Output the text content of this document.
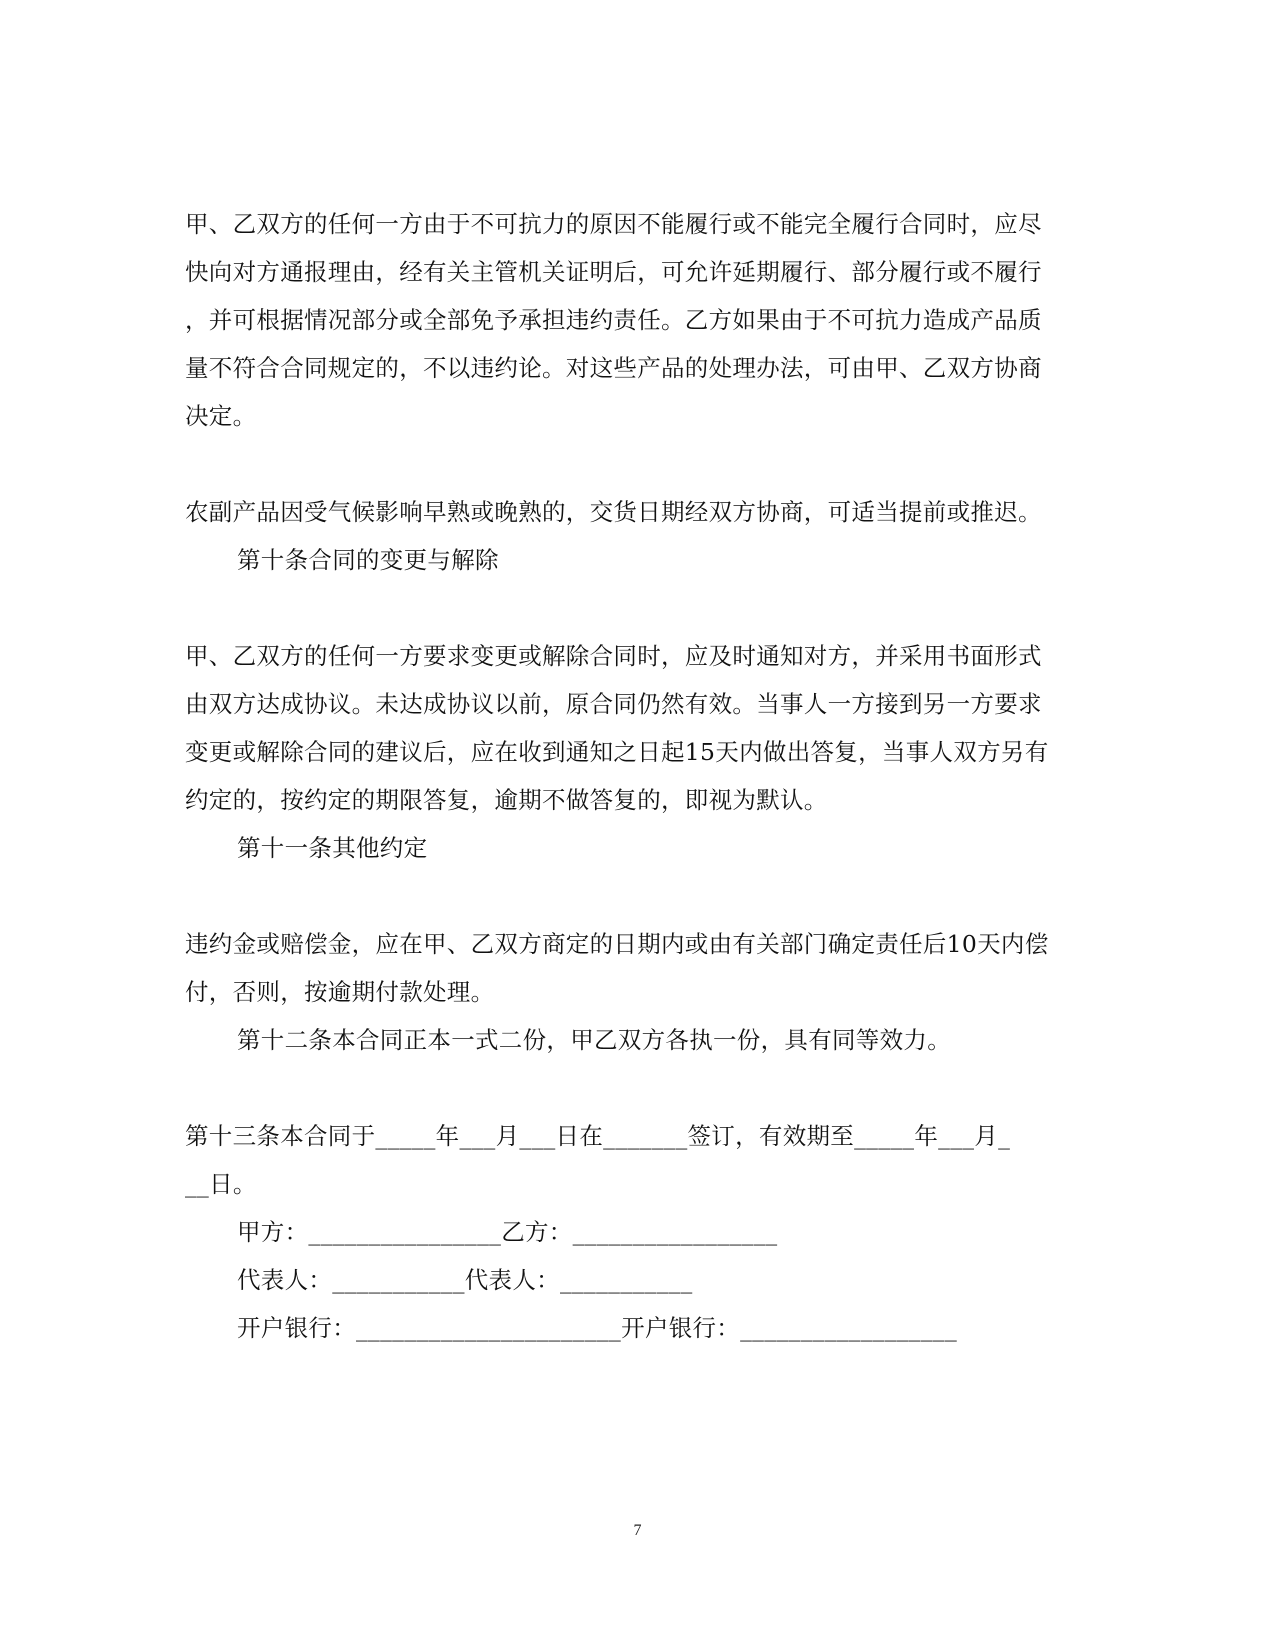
甲、乙双方的任何一方由于不可抗力的原因不能履行或不能完全履行合同时，应尽
快向对方通报理由，经有关主管机关证明后，可允许延期履行、部分履行或不履行
，并可根据情况部分或全部免予承担违约责任。乙方如果由于不可抗力造成产品质
量不符合合同规定的，不以违约论。对这些产品的处理办法，可由甲、乙双方协商
决定。
农副产品因受气候影响早熟或晚熟的，交货日期经双方协商，可适当提前或推迟。
第十条合同的变更与解除
甲、乙双方的任何一方要求变更或解除合同时，应及时通知对方，并采用书面形式
由双方达成协议。未达成协议以前，原合同仍然有效。当事人一方接到另一方要求
变更或解除合同的建议后，应在收到通知之日起15天内做出答复，当事人双方另有
约定的，按约定的期限答复，逾期不做答复的，即视为默认。
第十一条其他约定
违约金或赔偿金，应在甲、乙双方商定的日期内或由有关部门确定责任后10天内偿
付，否则，按逾期付款处理。
第十二条本合同正本一式二份，甲乙双方各执一份，具有同等效力。
第十三条本合同于_____年___月___日在_______签订，有效期至_____年___月_
__日。
甲方：________________乙方：_________________
代表人：___________代表人：___________
开户银行：______________________开户银行：__________________
7
